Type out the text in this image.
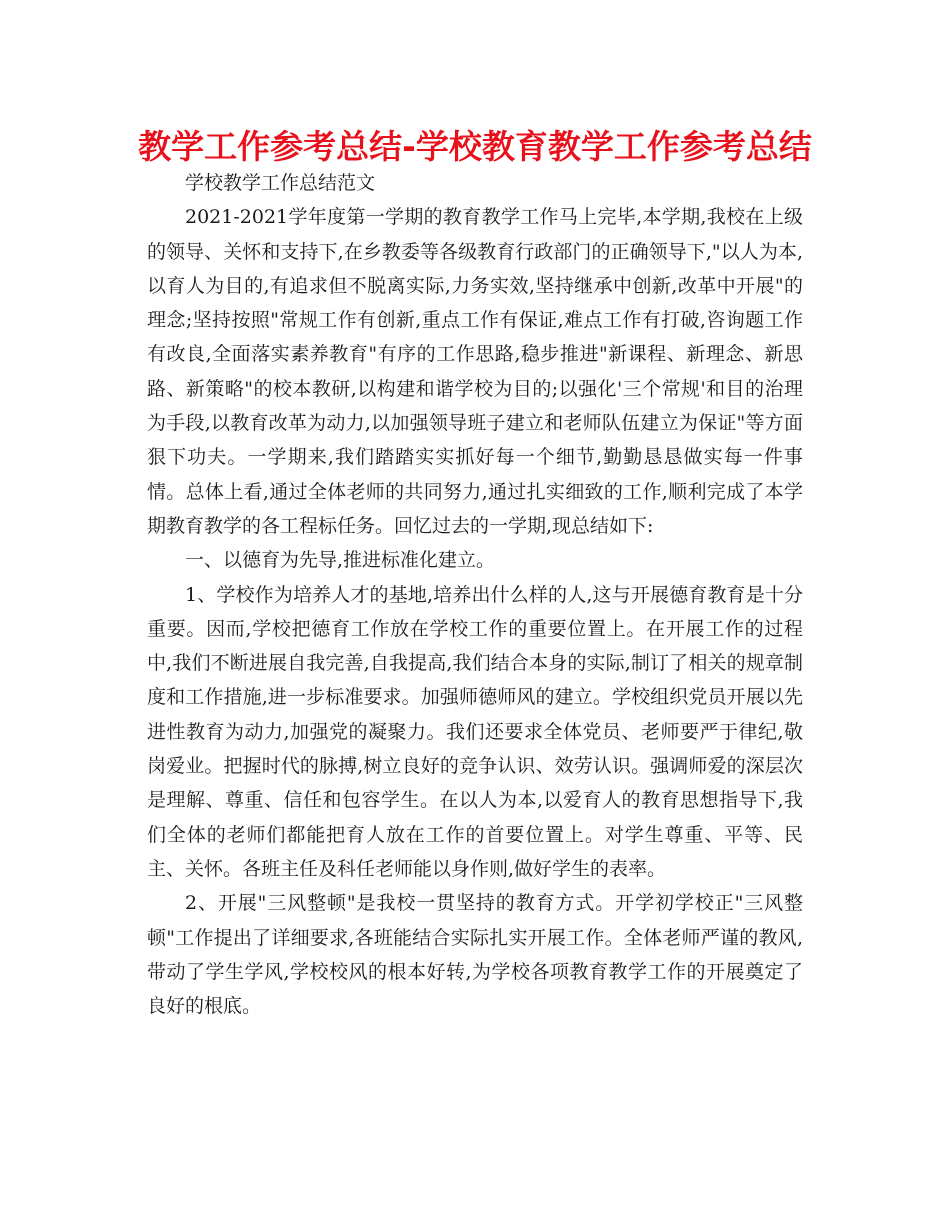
教学工作参考总结-学校教育教学工作参考总结

学校教学工作总结范文

2021-2021学年度第一学期的教育教学工作马上完毕,本学期,我校在上级的领导、关怀和支持下,在乡教委等各级教育行政部门的正确领导下,"以人为本,以育人为目的,有追求但不脱离实际,力务实效,坚持继承中创新,改革中开展"的理念;坚持按照"常规工作有创新,重点工作有保证,难点工作有打破,咨询题工作有改良,全面落实素养教育"有序的工作思路,稳步推进"新课程、新理念、新思路、新策略"的校本教研,以构建和谐学校为目的;以强化'三个常规'和目的治理为手段,以教育改革为动力,以加强领导班子建立和老师队伍建立为保证"等方面狠下功夫。一学期来,我们踏踏实实抓好每一个细节,勤勤恳恳做实每一件事情。总体上看,通过全体老师的共同努力,通过扎实细致的工作,顺利完成了本学期教育教学的各工程标任务。回忆过去的一学期,现总结如下:

一、以德育为先导,推进标准化建立。

1、学校作为培养人才的基地,培养出什么样的人,这与开展德育教育是十分重要。因而,学校把德育工作放在学校工作的重要位置上。在开展工作的过程中,我们不断进展自我完善,自我提高,我们结合本身的实际,制订了相关的规章制度和工作措施,进一步标准要求。加强师德师风的建立。学校组织党员开展以先进性教育为动力,加强党的凝聚力。我们还要求全体党员、老师要严于律纪,敬岗爱业。把握时代的脉搏,树立良好的竞争认识、效劳认识。强调师爱的深层次是理解、尊重、信任和包容学生。在以人为本,以爱育人的教育思想指导下,我们全体的老师们都能把育人放在工作的首要位置上。对学生尊重、平等、民主、关怀。各班主任及科任老师能以身作则,做好学生的表率。

2、开展"三风整顿"是我校一贯坚持的教育方式。开学初学校正"三风整顿"工作提出了详细要求,各班能结合实际扎实开展工作。全体老师严谨的教风,带动了学生学风,学校校风的根本好转,为学校各项教育教学工作的开展奠定了良好的根底。
